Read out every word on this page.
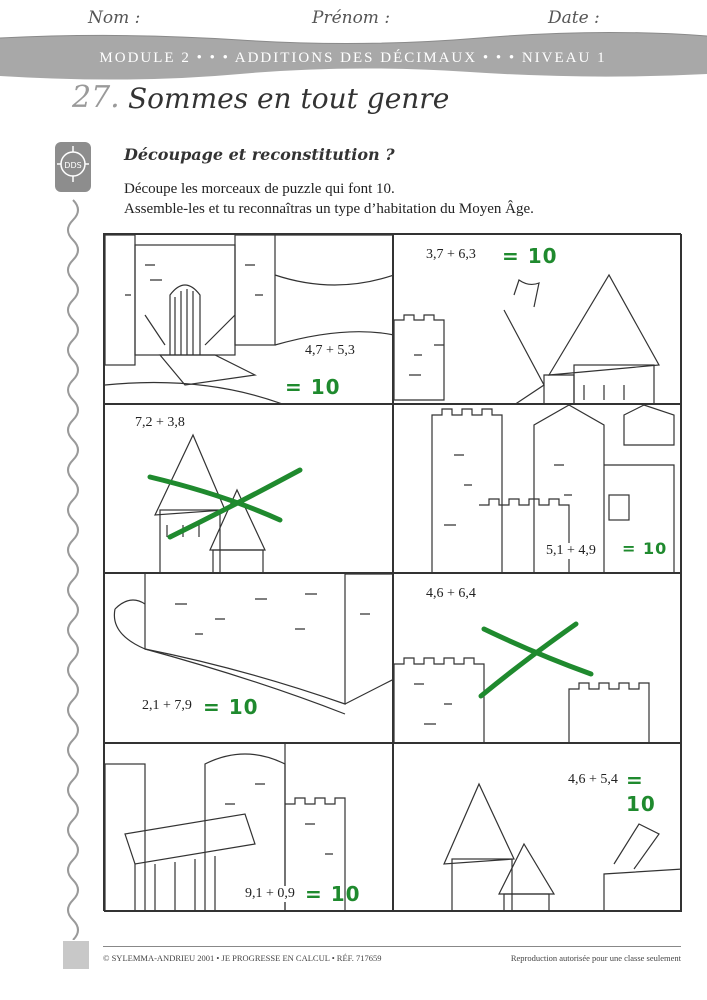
Nom :	Prénom :	Date :
MODULE 2 • • • ADDITIONS DES DÉCIMAUX • • • NIVEAU 1
27. Sommes en tout genre
DDS
Découpage et reconstitution ?
Découpe les morceaux de puzzle qui font 10.
Assemble-les et tu reconnaîtras un type d’habitation du Moyen Âge.
4,7 + 5,3
= 10
3,7 + 6,3 = 10
7,2 + 3,8
5,1 + 4,9 = 10
2,1 + 7,9 = 10
4,6 + 6,4
9,1 + 0,9 = 10
4,6 + 5,4 = 10
© SYLEMMA-ANDRIEU 2001 • JE PROGRESSE EN CALCUL • RÉF. 717659	Reproduction autorisée pour une classe seulement
